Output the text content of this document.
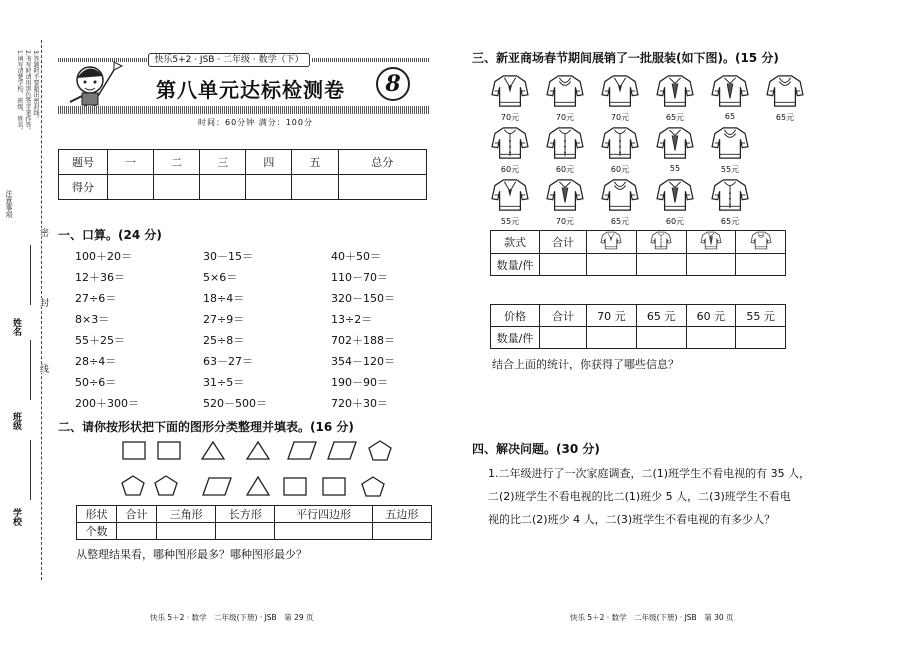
1.填写清楚学校、班级、姓名。 2.书写时请用黑色签字笔作答。 3.答题时不要超出密封线。
注意事项
密
封
线
姓名
班级
学校
快乐5+2 · JSB · 二年级 · 数学（下）
第八单元达标检测卷	8
时间：60分钟 满分：100分
题号	一	二	三	四	五	总分
得分						
一、口算。(24 分)
100＋20＝	30－15＝	40＋50＝
12＋36＝	5×6＝	110－70＝
27÷6＝	18÷4＝	320－150＝
8×3＝	27÷9＝	13÷2＝
55＋25＝	25÷8＝	702＋188＝
28÷4＝	63－27＝	354－120＝
50÷6＝	31÷5＝	190－90＝
200＋300＝	520－500＝	720＋30＝
二、请你按形状把下面的图形分类整理并填表。(16 分)
形状	合计	三角形	长方形	平行四边形	五边形
个数					
从整理结果看，哪种图形最多？哪种图形最少？
三、新亚商场春节期间展销了一批服装(如下图)。(15 分)
70元	70元	70元	65元	65	65元
60元	60元	60元	55	55元
55元	70元	65元	60元	65元
款式	合计				
数量/件					
价格	合计	70 元	65 元	60 元	55 元
数量/件					
结合上面的统计，你获得了哪些信息？
四、解决问题。(30 分)
1.二年级进行了一次家庭调查，二(1)班学生不看电视的有 35 人，
二(2)班学生不看电视的比二(1)班少 5 人，二(3)班学生不看电
视的比二(2)班少 4 人，二(3)班学生不看电视的有多少人？
快乐 5＋2 · 数学　二年级(下册) · JSB　第 29 页	快乐 5＋2 · 数学　二年级(下册) · JSB　第 30 页
